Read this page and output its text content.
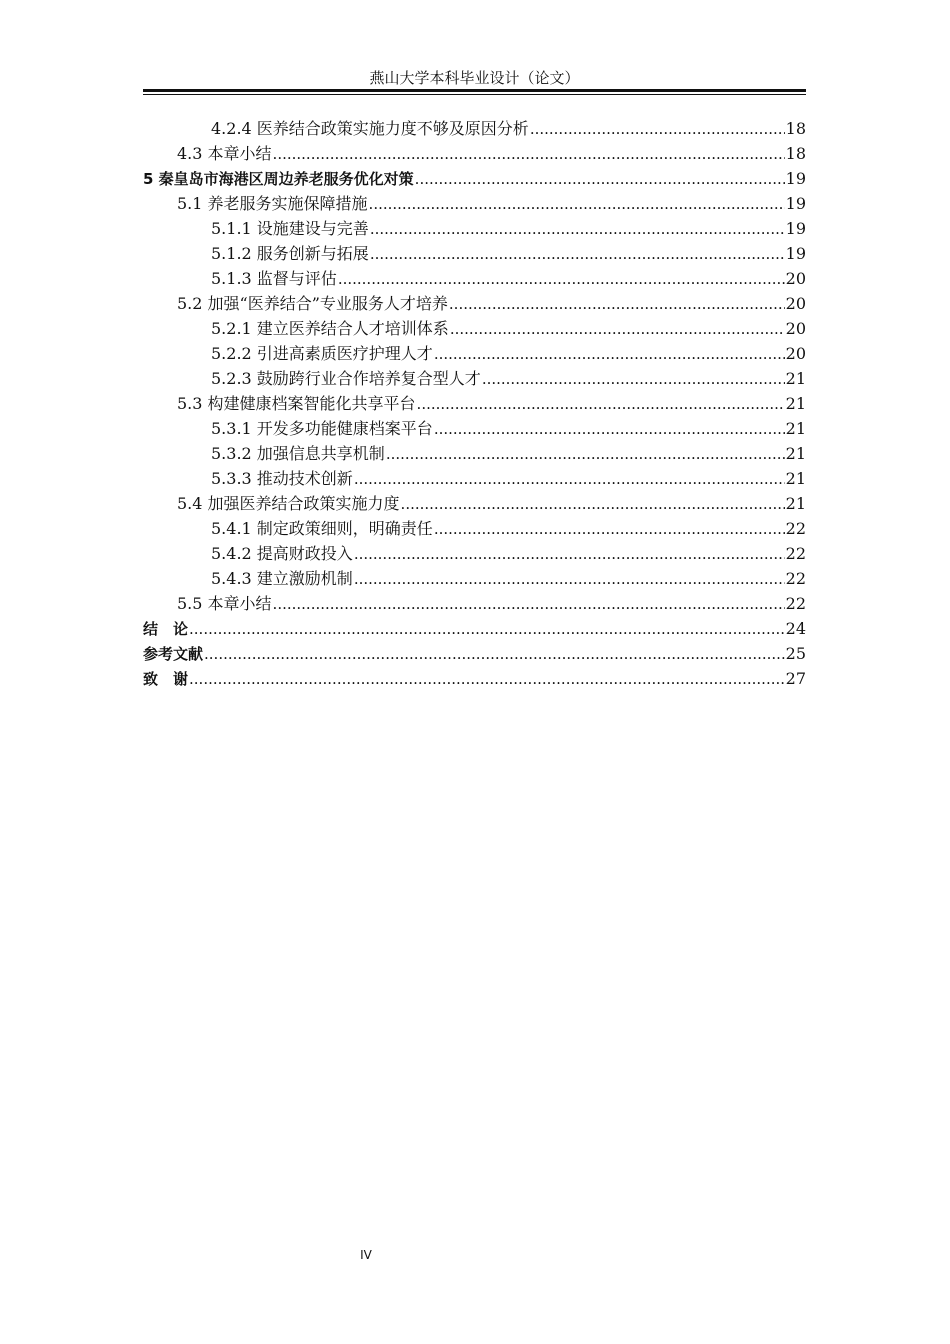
燕山大学本科毕业设计（论文）
4.2.4 医养结合政策实施力度不够及原因分析 .....	18
4.3 本章小结 .....	18
5 秦皇岛市海港区周边养老服务优化对策 .....	19
5.1 养老服务实施保障措施 .....	19
5.1.1 设施建设与完善 .....	19
5.1.2 服务创新与拓展 .....	19
5.1.3 监督与评估 .....	20
5.2 加强“医养结合”专业服务人才培养 .....	20
5.2.1 建立医养结合人才培训体系 .....	20
5.2.2 引进高素质医疗护理人才 .....	20
5.2.3 鼓励跨行业合作培养复合型人才 .....	21
5.3 构建健康档案智能化共享平台 .....	21
5.3.1 开发多功能健康档案平台 .....	21
5.3.2 加强信息共享机制 .....	21
5.3.3 推动技术创新 .....	21
5.4 加强医养结合政策实施力度 .....	21
5.4.1 制定政策细则，明确责任 .....	22
5.4.2 提高财政投入 .....	22
5.4.3 建立激励机制 .....	22
5.5 本章小结 .....	22
结　论 .....	24
参考文献 .....	25
致　谢 .....	27
IV
